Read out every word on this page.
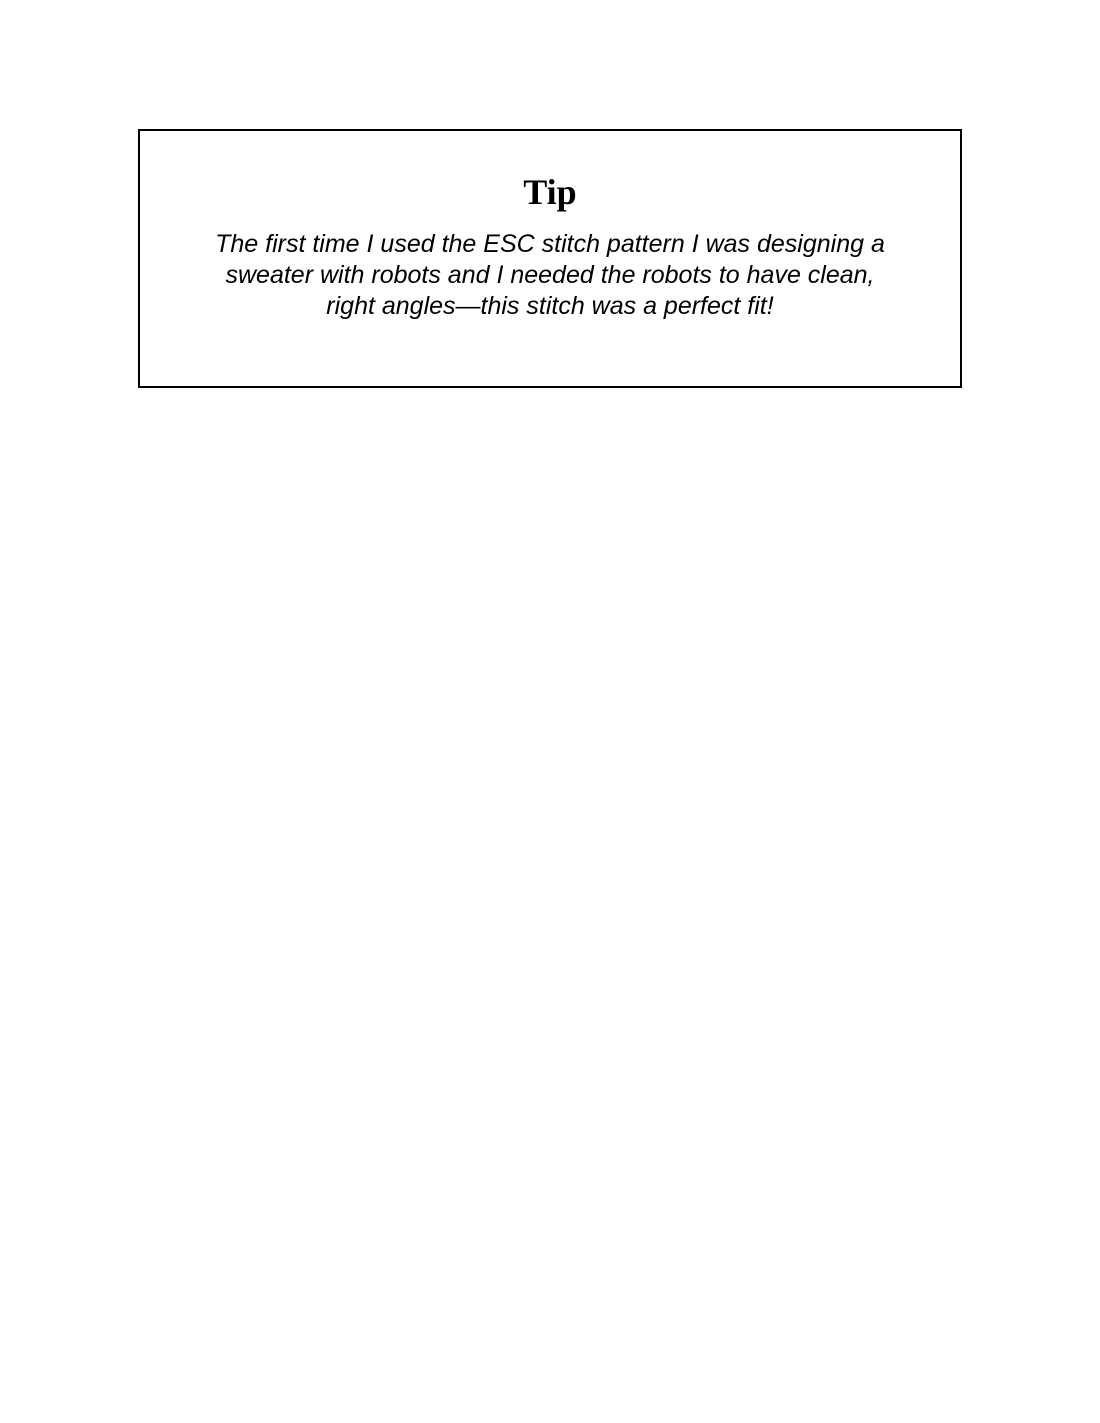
Tip
The first time I used the ESC stitch pattern I was designing a
sweater with robots and I needed the robots to have clean,
right angles—this stitch was a perfect fit!
